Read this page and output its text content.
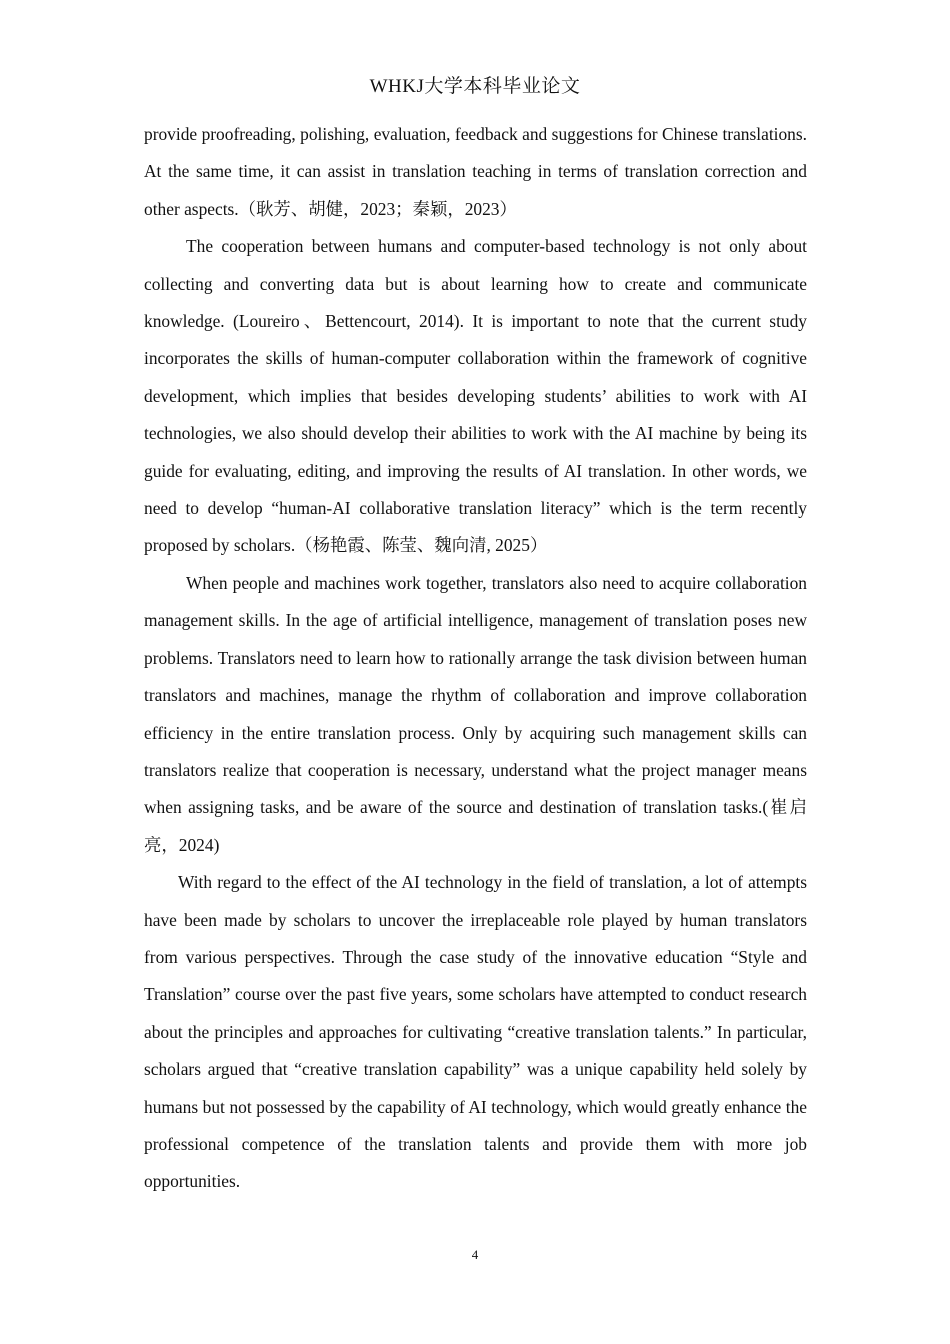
WHKJ大学本科毕业论文

provide proofreading, polishing, evaluation, feedback and suggestions for Chinese translations. At the same time, it can assist in translation teaching in terms of translation correction and other aspects.（耿芳、胡健，2023；秦颖，2023）

The cooperation between humans and computer-based technology is not only about collecting and converting data but is about learning how to create and communicate knowledge. (Loureiro、Bettencourt, 2014). It is important to note that the current study incorporates the skills of human-computer collaboration within the framework of cognitive development, which implies that besides developing students’ abilities to work with AI technologies, we also should develop their abilities to work with the AI machine by being its guide for evaluating, editing, and improving the results of AI translation. In other words, we need to develop “human-AI collaborative translation literacy” which is the term recently proposed by scholars.（杨艳霞、陈莹、魏向清, 2025）

When people and machines work together, translators also need to acquire collaboration management skills. In the age of artificial intelligence, management of translation poses new problems. Translators need to learn how to rationally arrange the task division between human translators and machines, manage the rhythm of collaboration and improve collaboration efficiency in the entire translation process. Only by acquiring such management skills can translators realize that cooperation is necessary, understand what the project manager means when assigning tasks, and be aware of the source and destination of translation tasks.(崔启亮，2024)

With regard to the effect of the AI technology in the field of translation, a lot of attempts have been made by scholars to uncover the irreplaceable role played by human translators from various perspectives. Through the case study of the innovative education “Style and Translation” course over the past five years, some scholars have attempted to conduct research about the principles and approaches for cultivating “creative translation talents.” In particular, scholars argued that “creative translation capability” was a unique capability held solely by humans but not possessed by the capability of AI technology, which would greatly enhance the professional competence of the translation talents and provide them with more job opportunities.

4
